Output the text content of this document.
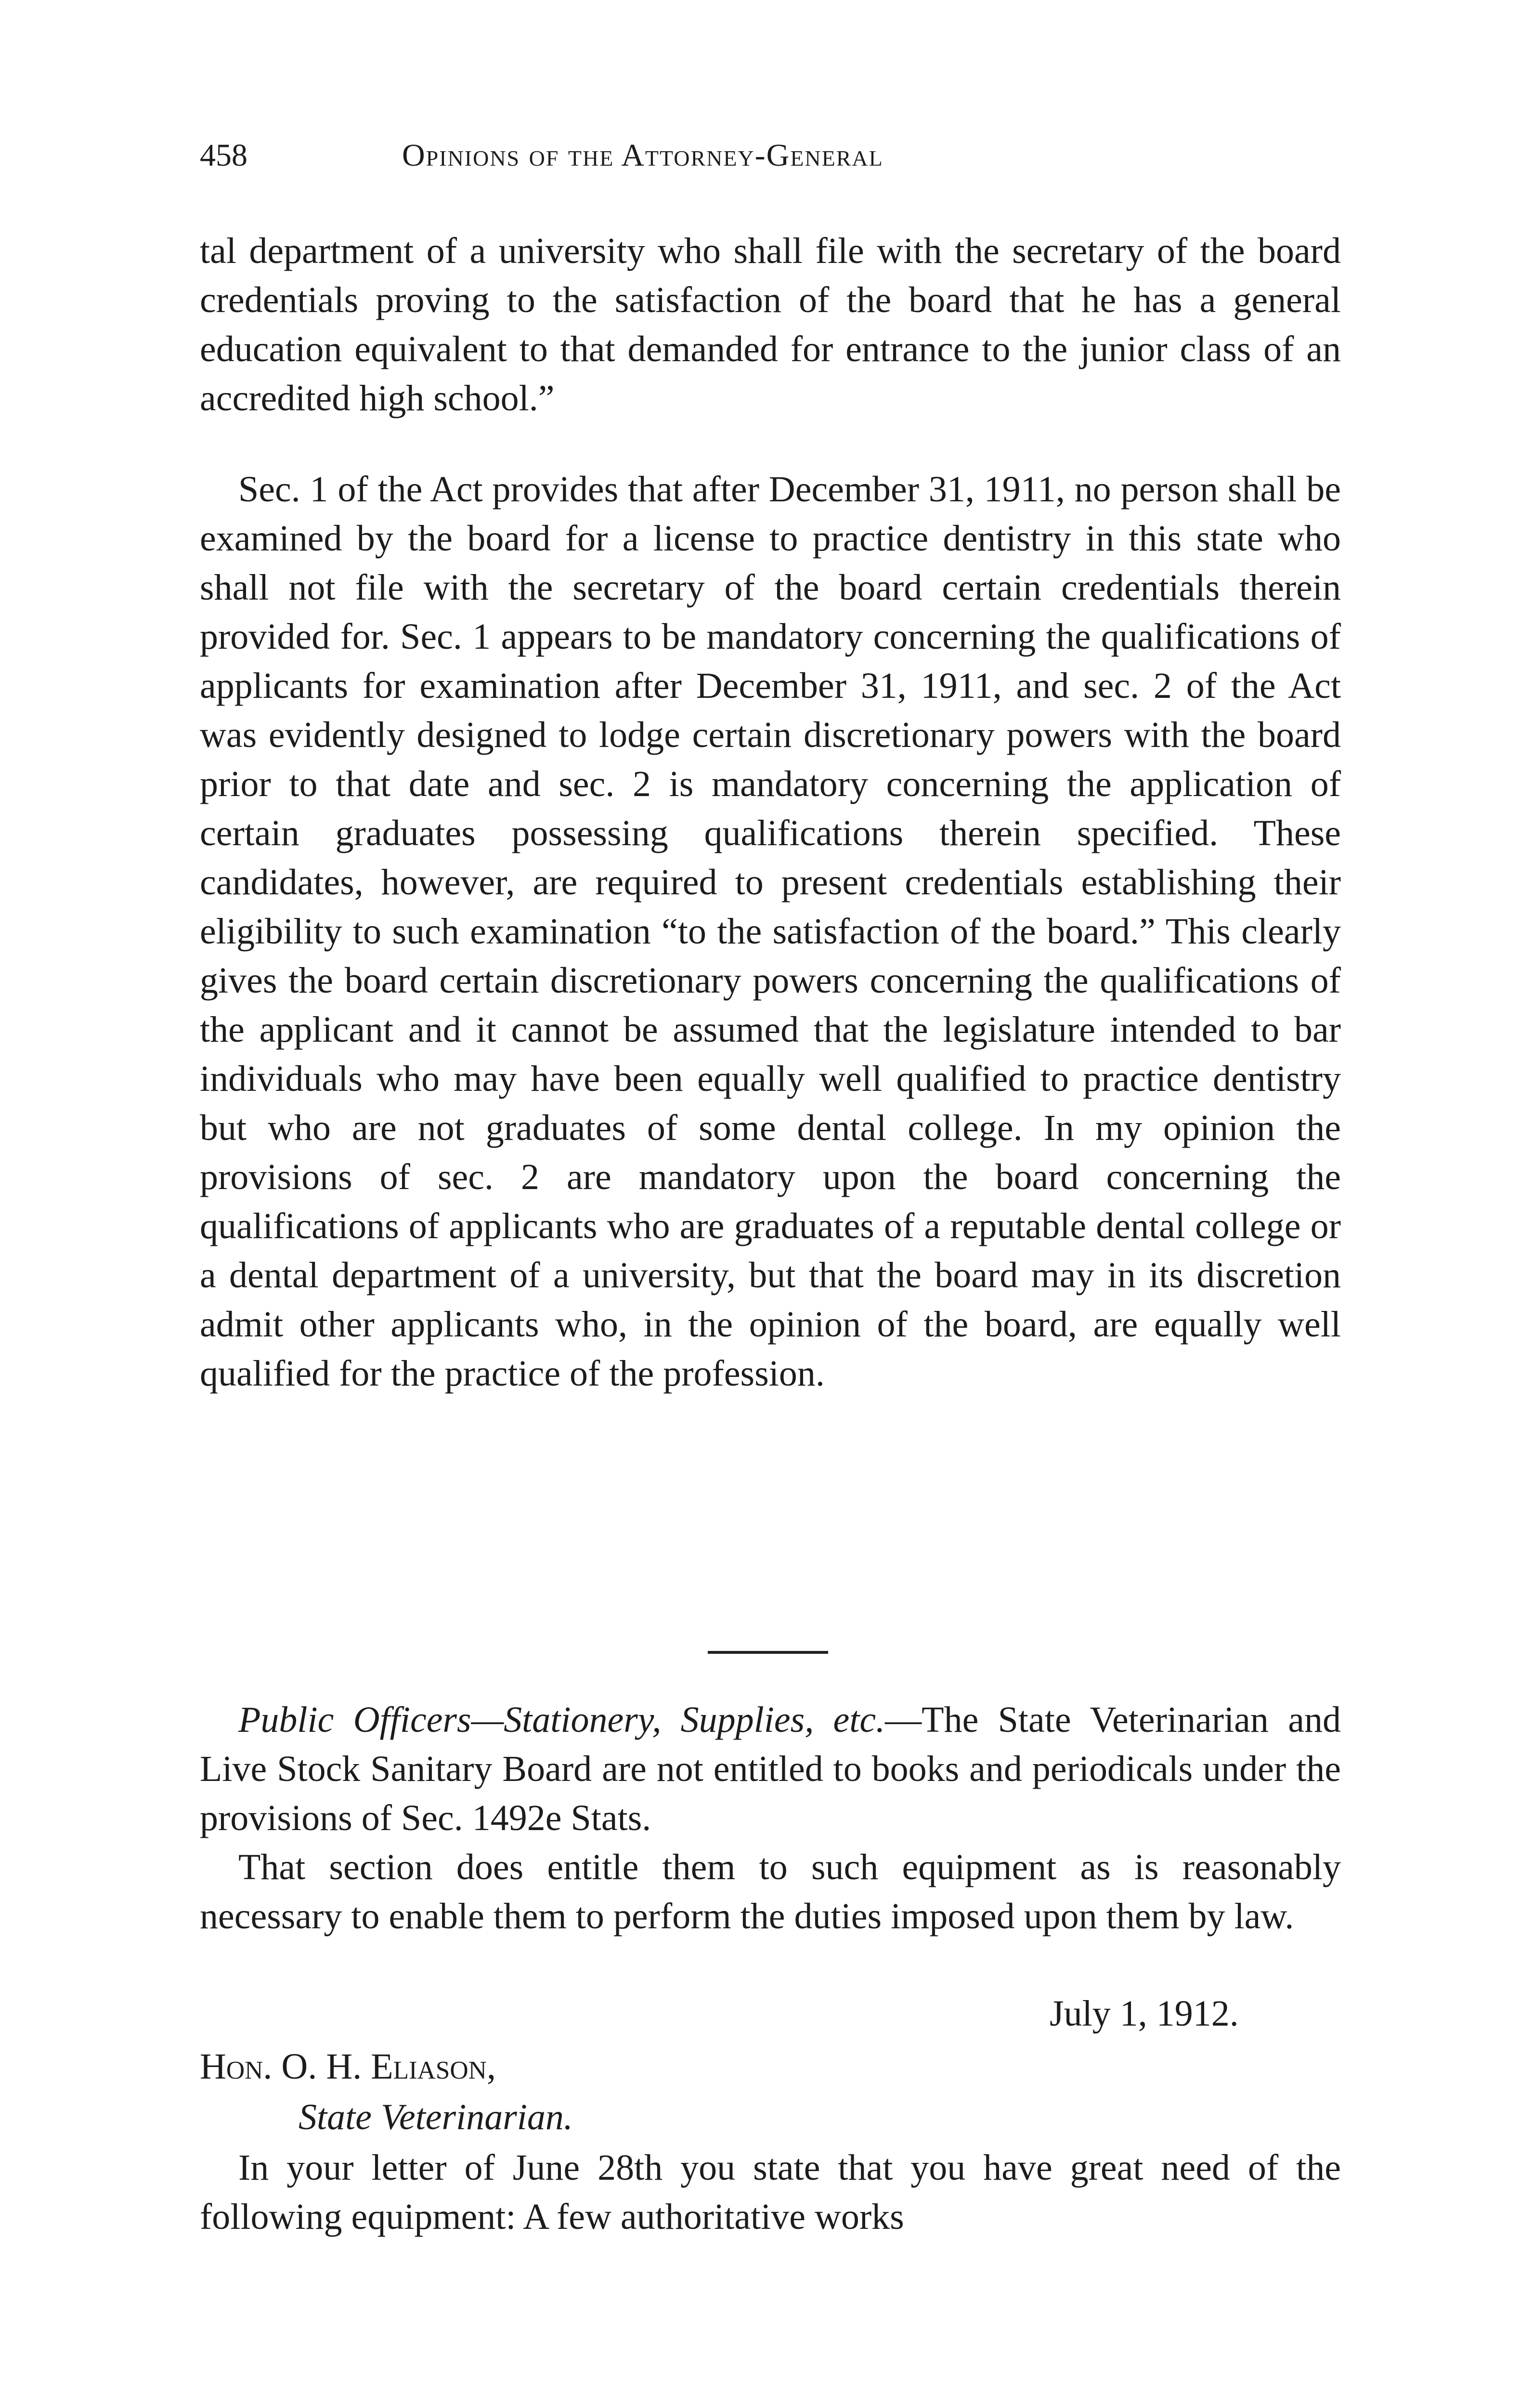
458	Opinions of the Attorney-General

tal department of a university who shall file with the secretary of the board credentials proving to the satisfaction of the board that he has a general education equivalent to that demanded for entrance to the junior class of an accredited high school.”

Sec. 1 of the Act provides that after December 31, 1911, no person shall be examined by the board for a license to practice dentistry in this state who shall not file with the secretary of the board certain credentials therein provided for. Sec. 1 appears to be mandatory concerning the qualifications of applicants for examination after December 31, 1911, and sec. 2 of the Act was evidently designed to lodge certain discretionary powers with the board prior to that date and sec. 2 is mandatory concerning the application of certain graduates possessing qualifications therein specified. These candidates, however, are required to present credentials establishing their eligibility to such examination “to the satisfaction of the board.” This clearly gives the board certain discretionary powers concerning the qualifications of the applicant and it cannot be assumed that the legislature intended to bar individuals who may have been equally well qualified to practice dentistry but who are not graduates of some dental college. In my opinion the provisions of sec. 2 are mandatory upon the board concerning the qualifications of applicants who are graduates of a reputable dental college or a dental department of a university, but that the board may in its discretion admit other applicants who, in the opinion of the board, are equally well qualified for the practice of the profession.

Public Officers—Stationery, Supplies, etc.—The State Veterinarian and Live Stock Sanitary Board are not entitled to books and periodicals under the provisions of Sec. 1492e Stats.

That section does entitle them to such equipment as is reasonably necessary to enable them to perform the duties imposed upon them by law.

July 1, 1912.
Hon. O. H. Eliason,
State Veterinarian.
In your letter of June 28th you state that you have great need of the following equipment: A few authoritative works
